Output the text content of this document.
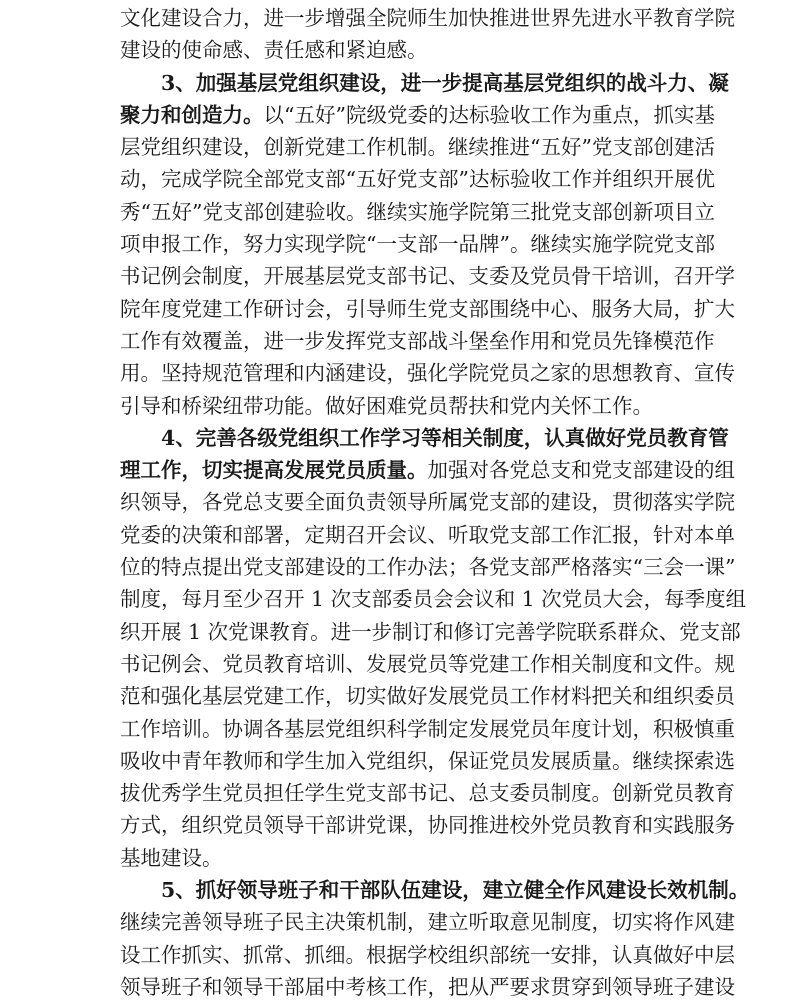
文化建设合力，进一步增强全院师生加快推进世界先进水平教育学院
建设的使命感、责任感和紧迫感。
3、加强基层党组织建设，进一步提高基层党组织的战斗力、凝
聚力和创造力。以“五好”院级党委的达标验收工作为重点，抓实基
层党组织建设，创新党建工作机制。继续推进“五好”党支部创建活
动，完成学院全部党支部“五好党支部”达标验收工作并组织开展优
秀“五好”党支部创建验收。继续实施学院第三批党支部创新项目立
项申报工作，努力实现学院“一支部一品牌”。继续实施学院党支部
书记例会制度，开展基层党支部书记、支委及党员骨干培训，召开学
院年度党建工作研讨会，引导师生党支部围绕中心、服务大局，扩大
工作有效覆盖，进一步发挥党支部战斗堡垒作用和党员先锋模范作
用。坚持规范管理和内涵建设，强化学院党员之家的思想教育、宣传
引导和桥梁纽带功能。做好困难党员帮扶和党内关怀工作。
4、完善各级党组织工作学习等相关制度，认真做好党员教育管
理工作，切实提高发展党员质量。加强对各党总支和党支部建设的组
织领导，各党总支要全面负责领导所属党支部的建设，贯彻落实学院
党委的决策和部署，定期召开会议、听取党支部工作汇报，针对本单
位的特点提出党支部建设的工作办法；各党支部严格落实“三会一课”
制度，每月至少召开 1 次支部委员会会议和 1 次党员大会，每季度组
织开展 1 次党课教育。进一步制订和修订完善学院联系群众、党支部
书记例会、党员教育培训、发展党员等党建工作相关制度和文件。规
范和强化基层党建工作，切实做好发展党员工作材料把关和组织委员
工作培训。协调各基层党组织科学制定发展党员年度计划，积极慎重
吸收中青年教师和学生加入党组织，保证党员发展质量。继续探索选
拔优秀学生党员担任学生党支部书记、总支委员制度。创新党员教育
方式，组织党员领导干部讲党课，协同推进校外党员教育和实践服务
基地建设。
5、抓好领导班子和干部队伍建设，建立健全作风建设长效机制。
继续完善领导班子民主决策机制，建立听取意见制度，切实将作风建
设工作抓实、抓常、抓细。根据学校组织部统一安排，认真做好中层
领导班子和领导干部届中考核工作，把从严要求贯穿到领导班子建设
